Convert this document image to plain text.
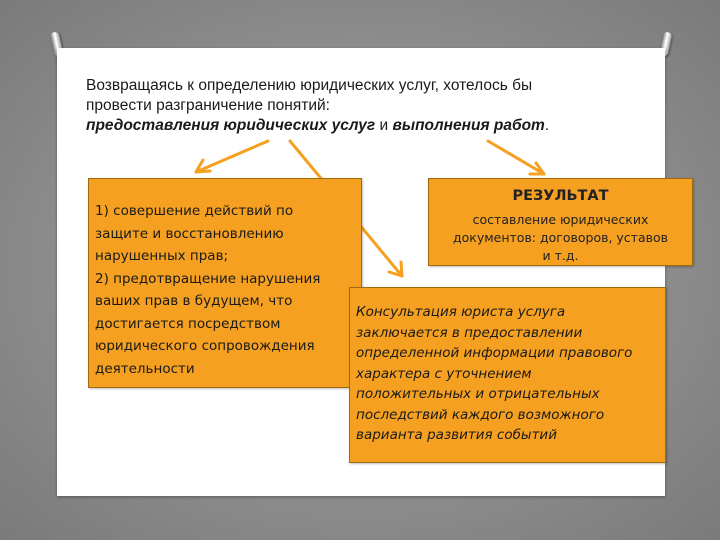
Возвращаясь к определению юридических услуг, хотелось бы
провести разграничение понятий:
предоставления юридических услуг и выполнения работ.
1) совершение действий по
защите и восстановлению
нарушенных прав;
2) предотвращение нарушения
ваших прав в будущем, что
достигается посредством
юридического сопровождения
деятельности
РЕЗУЛЬТАТ
составление юридических
документов: договоров, уставов
и т.д.
Консультация юриста услуга
заключается в предоставлении
определенной информации правового
характера с уточнением
положительных и отрицательных
последствий каждого возможного
варианта развития событий
